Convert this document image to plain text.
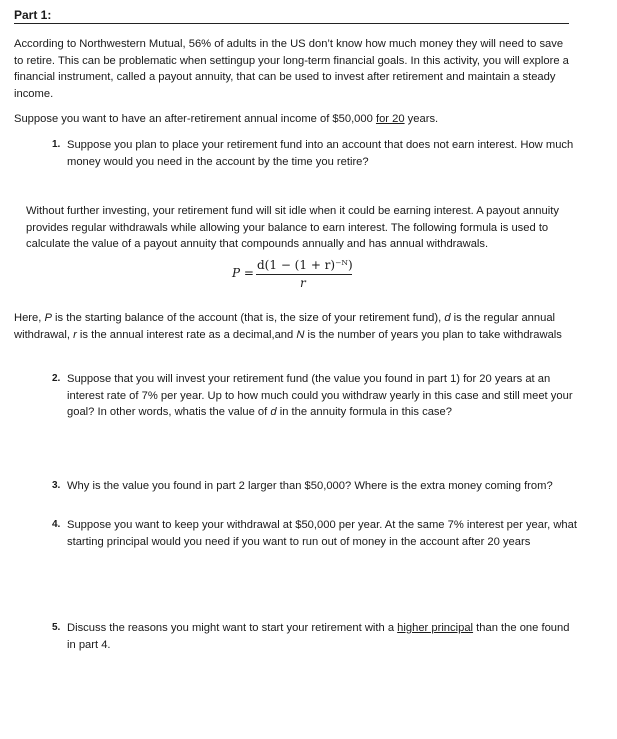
Part 1:
According to Northwestern Mutual, 56% of adults in the US don’t know how much money they will need to save to retire. This can be problematic when settingup your long-term financial goals. In this activity, you will explore a financial instrument, called a payout annuity, that can be used to invest after retirement and maintain a steady income.
Suppose you want to have an after-retirement annual income of $50,000 for 20 years.
1. Suppose you plan to place your retirement fund into an account that does not earn interest. How much money would you need in the account by the time you retire?
Without further investing, your retirement fund will sit idle when it could be earning interest. A payout annuity provides regular withdrawals while allowing your balance to earn interest. The following formula is used to calculate the value of a payout annuity that compounds annually and has annual withdrawals.
P =
d(1 − (1 + r)⁻ᴺ)
r
Here, P is the starting balance of the account (that is, the size of your retirement fund), d is the regular annual withdrawal, r is the annual interest rate as a decimal,and N is the number of years you plan to take withdrawals
2. Suppose that you will invest your retirement fund (the value you found in part 1) for 20 years at an interest rate of 7% per year. Up to how much could you withdraw yearly in this case and still meet your goal? In other words, whatis the value of d in the annuity formula in this case?
3. Why is the value you found in part 2 larger than $50,000? Where is the extra money coming from?
4. Suppose you want to keep your withdrawal at $50,000 per year. At the same 7% interest per year, what starting principal would you need if you want to run out of money in the account after 20 years
5. Discuss the reasons you might want to start your retirement with a higher principal than the one found in part 4.
